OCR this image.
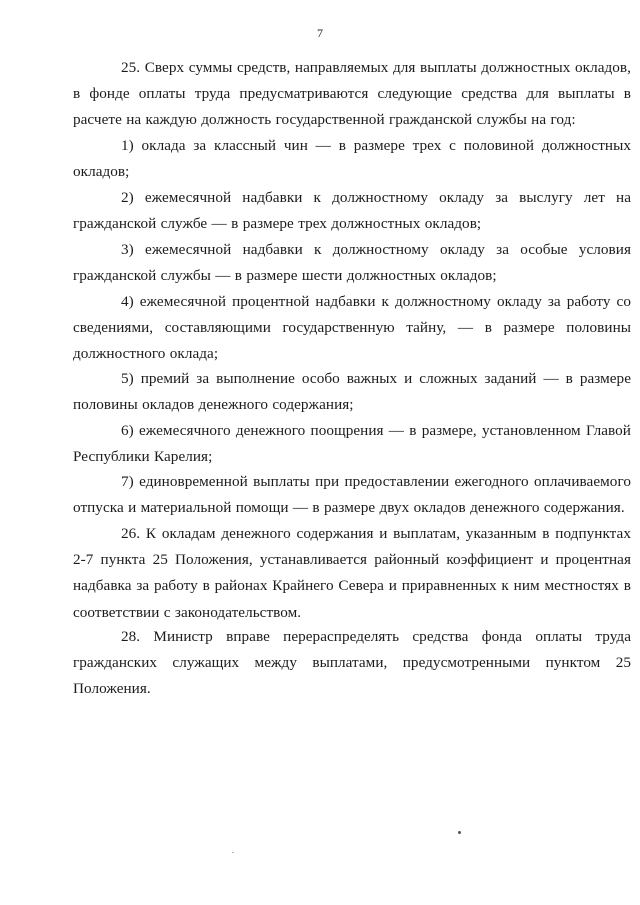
7

25. Сверх суммы средств, направляемых для выплаты должностных окладов, в фонде оплаты труда предусматриваются следующие средства для выплаты в расчете на каждую должность государственной гражданской службы на год:

1) оклада за классный чин — в размере трех с половиной должностных окладов;

2) ежемесячной надбавки к должностному окладу за выслугу лет на гражданской службе — в размере трех должностных окладов;

3) ежемесячной надбавки к должностному окладу за особые условия гражданской службы — в размере шести должностных окладов;

4) ежемесячной процентной надбавки к должностному окладу за работу со сведениями, составляющими государственную тайну, — в размере половины должностного оклада;

5) премий за выполнение особо важных и сложных заданий — в размере половины окладов денежного содержания;

6) ежемесячного денежного поощрения — в размере, установленном Главой Республики Карелия;

7) единовременной выплаты при предоставлении ежегодного оплачиваемого отпуска и материальной помощи — в размере двух окладов денежного содержания.

26. К окладам денежного содержания и выплатам, указанным в подпунктах 2-7 пункта 25 Положения, устанавливается районный коэффициент и процентная надбавка за работу в районах Крайнего Севера и приравненных к ним местностях в соответствии с законодательством.

28. Министр вправе перераспределять средства фонда оплаты труда гражданских служащих между выплатами, предусмотренными пунктом 25 Положения.
